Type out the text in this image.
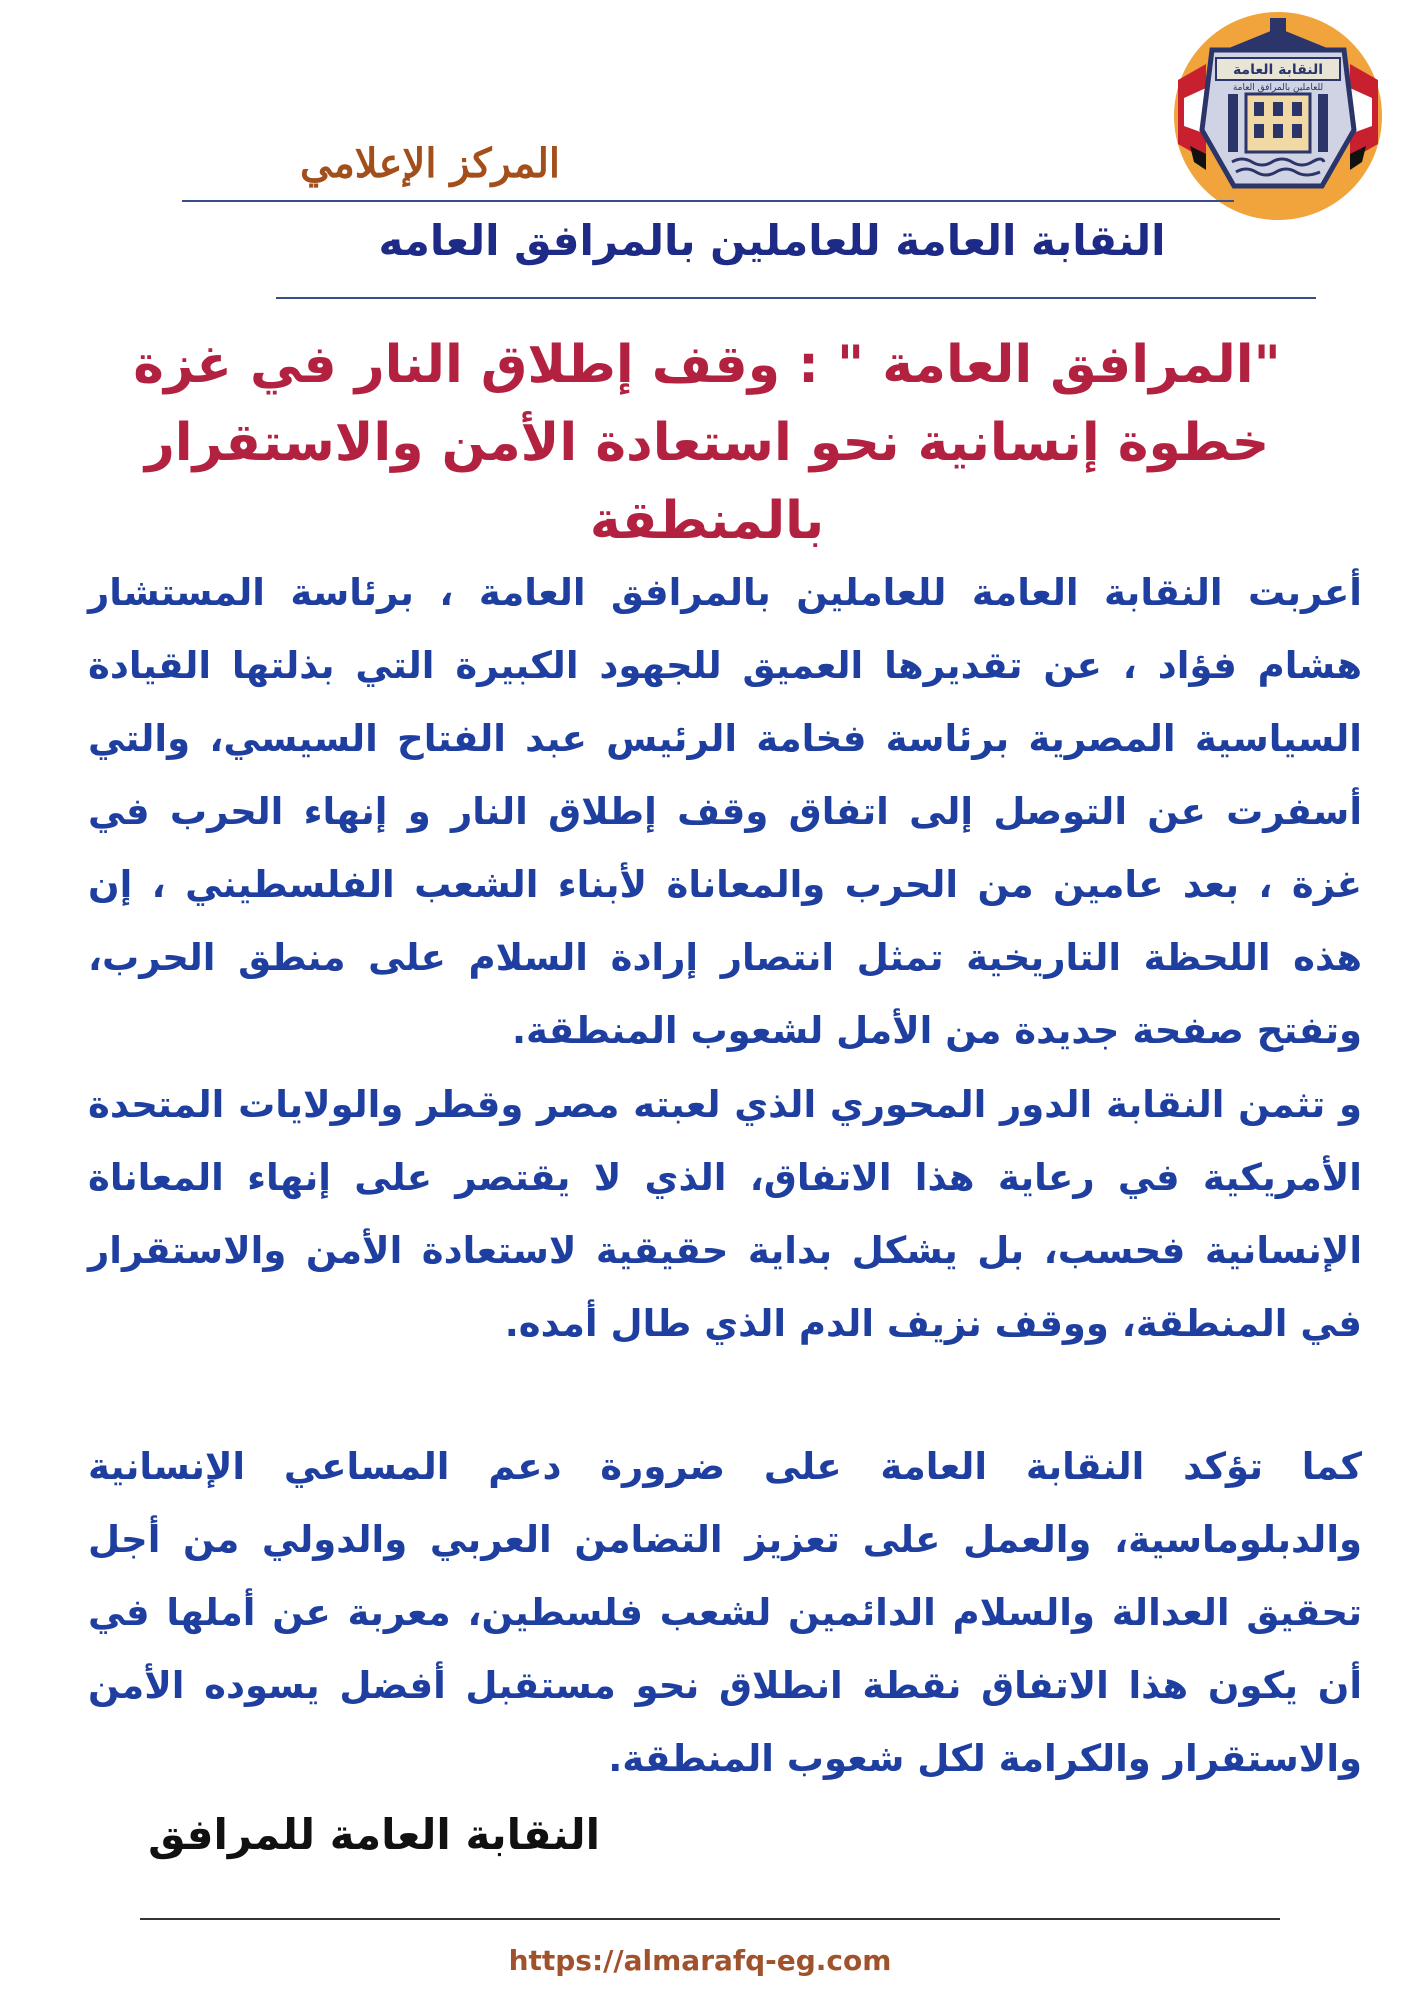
النقابة العامة
للعاملين بالمرافق العامة
المركز الإعلامي
النقابة العامة للعاملين بالمرافق العامه
"المرافق العامة " : وقف إطلاق النار في غزة خطوة إنسانية نحو استعادة الأمن والاستقرار بالمنطقة
أعربت النقابة العامة للعاملين بالمرافق العامة ، برئاسة المستشار هشام فؤاد ، عن تقديرها العميق للجهود الكبيرة التي بذلتها القيادة السياسية المصرية برئاسة فخامة الرئيس عبد الفتاح السيسي، والتي أسفرت عن التوصل إلى اتفاق وقف إطلاق النار و إنهاء الحرب في غزة ، بعد عامين من الحرب والمعاناة لأبناء الشعب الفلسطيني ، إن هذه اللحظة التاريخية تمثل انتصار إرادة السلام على منطق الحرب، وتفتح صفحة جديدة من الأمل لشعوب المنطقة.
و تثمن النقابة الدور المحوري الذي لعبته مصر وقطر والولايات المتحدة الأمريكية في رعاية هذا الاتفاق، الذي لا يقتصر على إنهاء المعاناة الإنسانية فحسب، بل يشكل بداية حقيقية لاستعادة الأمن والاستقرار في المنطقة، ووقف نزيف الدم الذي طال أمده.
كما تؤكد النقابة العامة على ضرورة دعم المساعي الإنسانية والدبلوماسية، والعمل على تعزيز التضامن العربي والدولي من أجل تحقيق العدالة والسلام الدائمين لشعب فلسطين، معربة عن أملها في أن يكون هذا الاتفاق نقطة انطلاق نحو مستقبل أفضل يسوده الأمن والاستقرار والكرامة لكل شعوب المنطقة.
النقابة العامة للمرافق
https://almarafq-eg.com
